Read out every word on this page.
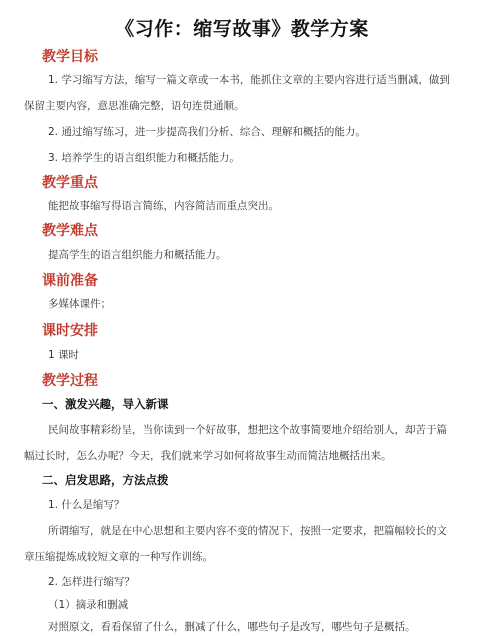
《习作：缩写故事》教学方案
教学目标
1. 学习缩写方法，缩写一篇文章或一本书，能抓住文章的主要内容进行适当删减，做到
保留主要内容，意思准确完整，语句连贯通顺。
2. 通过缩写练习，进一步提高我们分析、综合、理解和概括的能力。
3. 培养学生的语言组织能力和概括能力。
教学重点
能把故事缩写得语言简练，内容简洁而重点突出。
教学难点
提高学生的语言组织能力和概括能力。
课前准备
多媒体课件；
课时安排
1 课时
教学过程
一、激发兴趣，导入新课
民间故事精彩纷呈，当你读到一个好故事，想把这个故事简要地介绍给别人，却苦于篇
幅过长时，怎么办呢？今天，我们就来学习如何将故事生动而简洁地概括出来。
二、启发思路，方法点拨
1. 什么是缩写？
所谓缩写，就是在中心思想和主要内容不变的情况下，按照一定要求，把篇幅较长的文
章压缩提炼成较短文章的一种写作训练。
2. 怎样进行缩写？
（1）摘录和删减
对照原文，看看保留了什么，删减了什么，哪些句子是改写，哪些句子是概括。
